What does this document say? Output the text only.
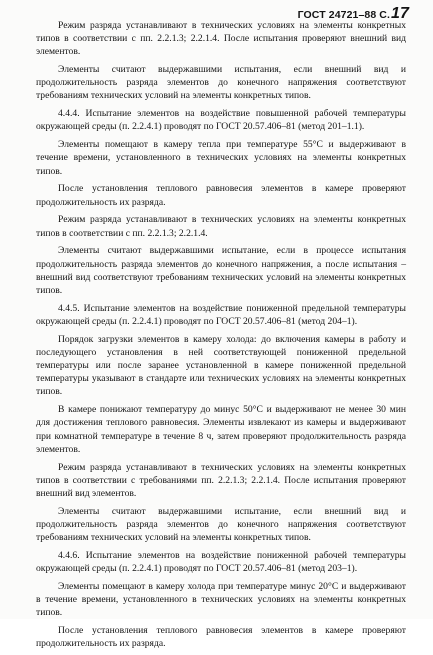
ГОСТ 24721–88 С.17

Режим разряда устанавливают в технических условиях на элементы конкретных типов в соответствии с пп. 2.2.1.3; 2.2.1.4. После испытания проверяют внешний вид элементов.

Элементы считают выдержавшими испытания, если внешний вид и продолжительность разряда элементов до конечного напряжения соответствуют требованиям технических условий на элементы конкретных типов.

4.4.4. Испытание элементов на воздействие повышенной рабочей температуры окружающей среды (п. 2.2.4.1) проводят по ГОСТ 20.57.406–81 (метод 201–1.1).

Элементы помещают в камеру тепла при температуре 55°С и выдерживают в течение времени, установленного в технических условиях на элементы конкретных типов.

После установления теплового равновесия элементов в камере проверяют продолжительность их разряда.

Режим разряда устанавливают в технических условиях на элементы конкретных типов в соответствии с пп. 2.2.1.3; 2.2.1.4.

Элементы считают выдержавшими испытание, если в процессе испытания продолжительность разряда элементов до конечного напряжения, а после испытания – внешний вид соответствуют требованиям технических условий на элементы конкретных типов.

4.4.5. Испытание элементов на воздействие пониженной предельной температуры окружающей среды (п. 2.2.4.1) проводят по ГОСТ 20.57.406–81 (метод 204–1).

Порядок загрузки элементов в камеру холода: до включения камеры в работу и последующего установления в ней соответствующей пониженной предельной температуры или после заранее установленной в камере пониженной предельной температуры указывают в стандарте или технических условиях на элементы конкретных типов.

В камере понижают температуру до минус 50°С и выдерживают не менее 30 мин для достижения теплового равновесия. Элементы извлекают из камеры и выдерживают при комнатной температуре в течение 8 ч, затем проверяют продолжительность разряда элементов.

Режим разряда устанавливают в технических условиях на элементы конкретных типов в соответствии с требованиями пп. 2.2.1.3; 2.2.1.4. После испытания проверяют внешний вид элементов.

Элементы считают выдержавшими испытание, если внешний вид и продолжительность разряда элементов до конечного напряжения соответствуют требованиям технических условий на элементы конкретных типов.

4.4.6. Испытание элементов на воздействие пониженной рабочей температуры окружающей среды (п. 2.2.4.1) проводят по ГОСТ 20.57.406–81 (метод 203–1).

Элементы помещают в камеру холода при температуре минус 20°С и выдерживают в течение времени, установленного в технических условиях на элементы конкретных типов.

После установления теплового равновесия элементов в камере проверяют продолжительность их разряда.
